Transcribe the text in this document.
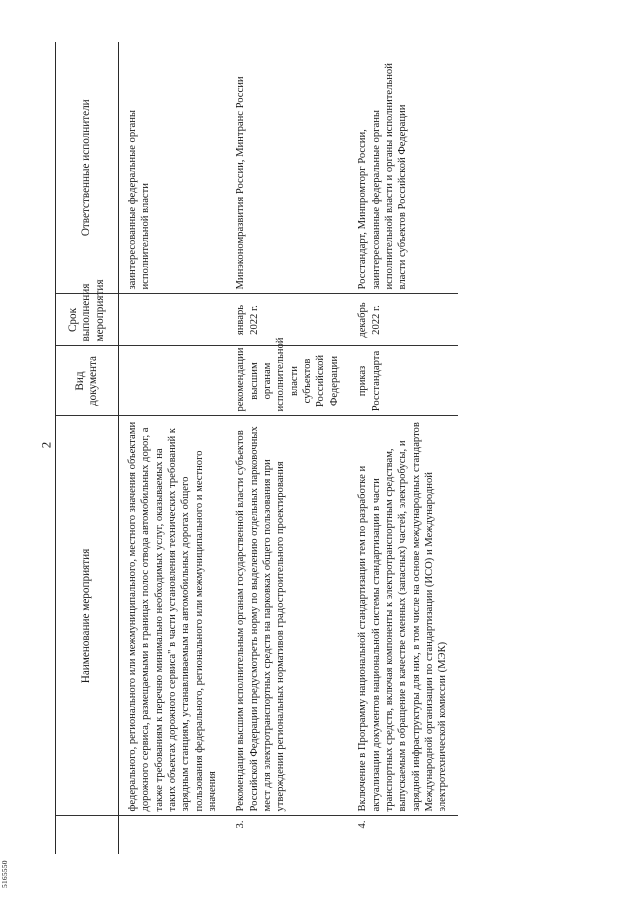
2
5165550
	Наименование мероприятия	Вид документа	Срок выполнения мероприятия	Ответственные исполнители
	федерального, регионального или межмуниципального, местного значения объектами дорожного сервиса, размещаемыми в границах полос отвода автомобильных дорог, а также требованиям к перечню минимально необходимых услуг, оказываемых на таких объектах дорожного сервиса" в части установления технических требований к зарядным станциям, устанавливаемым на автомобильных дорогах общего пользования федерального, регионального или межмуниципального и местного значения			заинтересованные федеральные органы исполнительной власти
3.	Рекомендации высшим исполнительным органам государственной власти субъектов Российской Федерации предусмотреть норму по выделению отдельных парковочных мест для электротранспортных средств на парковках общего пользования при утверждении региональных нормативов градостроительного проектирования	рекомендации высшим органам исполнительной власти субъектов Российской Федерации	январь 2022 г.	Минэкономразвития России, Минтранс России
4.	Включение в Программу национальной стандартизации тем по разработке и актуализации документов национальной системы стандартизации в части транспортных средств, включая компоненты к электротранспортным средствам, выпускаемым в обращение в качестве сменных (запасных) частей, электробусы, и зарядной инфраструктуры для них, в том числе на основе международных стандартов Международной организации по стандартизации (ИСО) и Международной электротехнической комиссии (МЭК)	приказ Росстандарта	декабрь 2022 г.	Росстандарт, Минпромторг России, заинтересованные федеральные органы исполнительной власти и органы исполнительной власти субъектов Российской Федерации
